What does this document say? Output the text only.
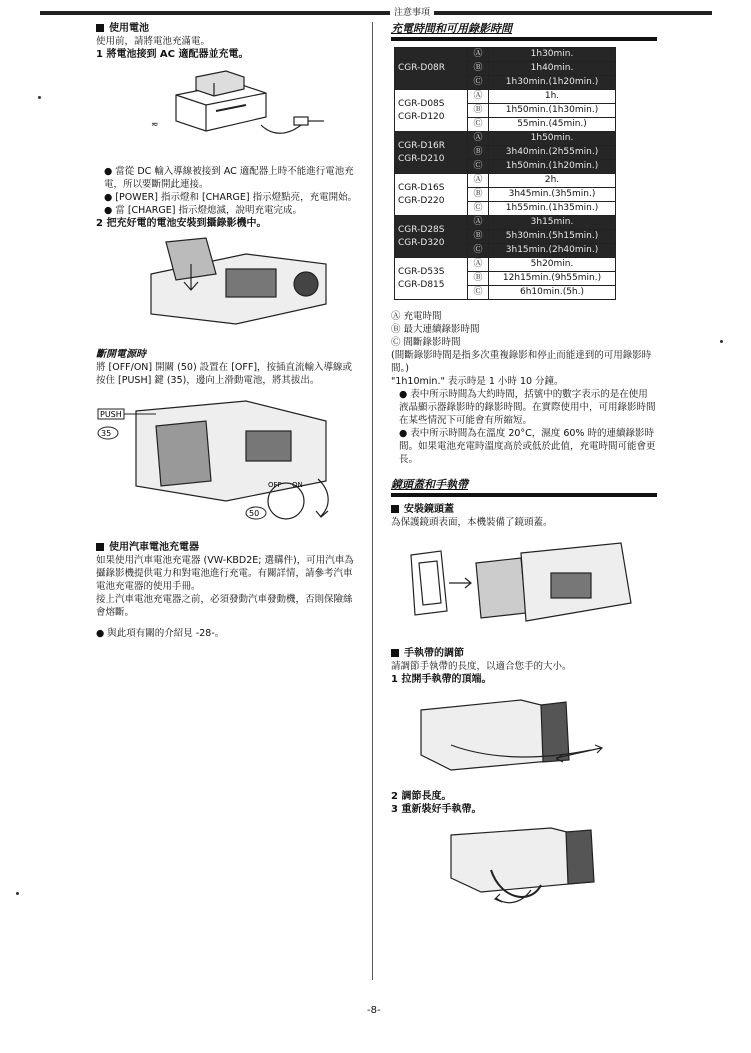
注意事項

使用電池

使用前，請將電池充滿電。

1 將電池接到 AC 適配器並充電。

≂

● 當從 DC 輸入導線被接到 AC 適配器上時不能進行電池充電，所以要斷開此連接。

● [POWER] 指示燈和 [CHARGE] 指示燈點亮，充電開始。

● 當 [CHARGE] 指示燈熄滅，說明充電完成。

2 把充好電的電池安裝到攝錄影機中。

斷開電源時

將 [OFF/ON] 開關 (50) 設置在 [OFF]，按插直流輸入導線或按住 [PUSH] 鍵 (35)，邊向上滑動電池，將其拔出。

PUSH
35
OFF ON
50

使用汽車電池充電器

如果使用汽車電池充電器 (VW-KBD2E; 選購件)，可用汽車為攝錄影機提供電力和對電池進行充電。有關詳情，請參考汽車電池充電器的使用手冊。

接上汽車電池充電器之前，必須發動汽車發動機，否則保險絲會熔斷。

● 與此項有關的介紹見 -28-。

充電時間和可用錄影時間

CGR-D08R	Ⓐ	1h30min.
	Ⓑ	1h40min.
	Ⓒ	1h30min.(1h20min.)

CGR-D08S
CGR-D120	Ⓐ	1h.
	Ⓑ	1h50min.(1h30min.)
	Ⓒ	55min.(45min.)

CGR-D16R
CGR-D210	Ⓐ	1h50min.
	Ⓑ	3h40min.(2h55min.)
	Ⓒ	1h50min.(1h20min.)

CGR-D16S
CGR-D220	Ⓐ	2h.
	Ⓑ	3h45min.(3h5min.)
	Ⓒ	1h55min.(1h35min.)

CGR-D28S
CGR-D320	Ⓐ	3h15min.
	Ⓑ	5h30min.(5h15min.)
	Ⓒ	3h15min.(2h40min.)

CGR-D53S
CGR-D815	Ⓐ	5h20min.
	Ⓑ	12h15min.(9h55min.)
	Ⓒ	6h10min.(5h.)

Ⓐ 充電時間

Ⓑ 最大連續錄影時間

Ⓒ 間斷錄影時間

(間斷錄影時間是指多次重複錄影和停止而能達到的可用錄影時間。)

"1h10min." 表示時是 1 小時 10 分鐘。

● 表中所示時間為大約時間，括號中的數字表示的是在使用液晶顯示器錄影時的錄影時間。在實際使用中，可用錄影時間在某些情況下可能會有所縮短。

● 表中所示時間為在溫度 20°C，濕度 60% 時的連續錄影時間。如果電池充電時溫度高於或低於此值，充電時間可能會更長。

鏡頭蓋和手執帶

安裝鏡頭蓋

為保護鏡頭表面，本機裝備了鏡頭蓋。

手執帶的調節

請調節手執帶的長度，以適合您手的大小。

1 拉開手執帶的頂端。

2 調節長度。

3 重新裝好手執帶。

-8-
